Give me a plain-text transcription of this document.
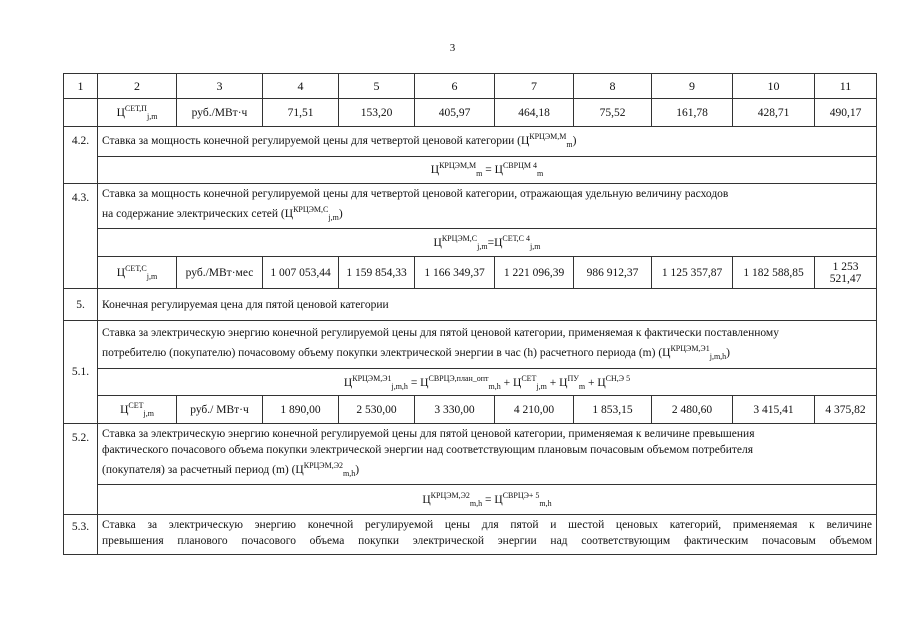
3
1	2	3	4	5	6	7	8	9	10	11
	$Ц^{СЕТ,П}_{j,m}$	руб./МВт·ч	71,51	153,20	405,97	464,18	75,52	161,78	428,71	490,17
4.2.	Ставка за мощность конечной регулируемой цены для четвертой ценовой категории $(Ц^{КРЦЭМ,М}_m)$									
	$Ц^{КРЦЭМ,М}_m = Ц^{СВРЦМ 4}_m$
4.3.	Ставка за мощность конечной регулируемой цены для четвертой ценовой категории, отражающая удельную величину расходов
на содержание электрических сетей $(Ц^{КРЦЭМ,С}_{j,m})$									
	$Ц^{КРЦЭМ,С}_{j,m}=Ц^{СЕТ,С 4}_{j,m}$
	$Ц^{СЕТ,С}_{j,m}$	руб./МВт·мес	1 007 053,44	1 159 854,33	1 166 349,37	1 221 096,39	986 912,37	1 125 357,87	1 182 588,85	1 253 521,47
5.	Конечная регулируемая цена для пятой ценовой категории									
5.1.	Ставка за электрическую энергию конечной регулируемой цены для пятой ценовой категории, применяемая к фактически поставленному
потребителю (покупателю) почасовому объему покупки электрической энергии в час (h) расчетного периода (m) $(Ц^{КРЦЭМ,Э1}_{j,m,h})$									
	$Ц^{КРЦЭМ,Э1}_{j,m,h} = Ц^{СВРЦЭ,план\_опт}_{m,h} + Ц^{СЕТ}_{j,m} + Ц^{ПУ}_m + Ц^{СН,Э 5}$
	$Ц^{СЕТ}_{j,m}$	руб./ МВт·ч	1 890,00	2 530,00	3 330,00	4 210,00	1 853,15	2 480,60	3 415,41	4 375,82
5.2.	Ставка за электрическую энергию конечной регулируемой цены для пятой ценовой категории, применяемая к величине превышения
фактического почасового объема покупки электрической энергии над соответствующим плановым почасовым объемом потребителя
(покупателя) за расчетный период (m) $(Ц^{КРЦЭМ,Э2}_{m,h})$									
	$Ц^{КРЦЭМ,Э2}_{m,h} = Ц^{СВРЦЭ+ 5}_{m,h}$
5.3.	Ставка за электрическую энергию конечной регулируемой цены для пятой и шестой ценовых категорий, применяемая к величине
превышения планового почасового объема покупки электрической энергии над соответствующим фактическим почасовым объемом									
